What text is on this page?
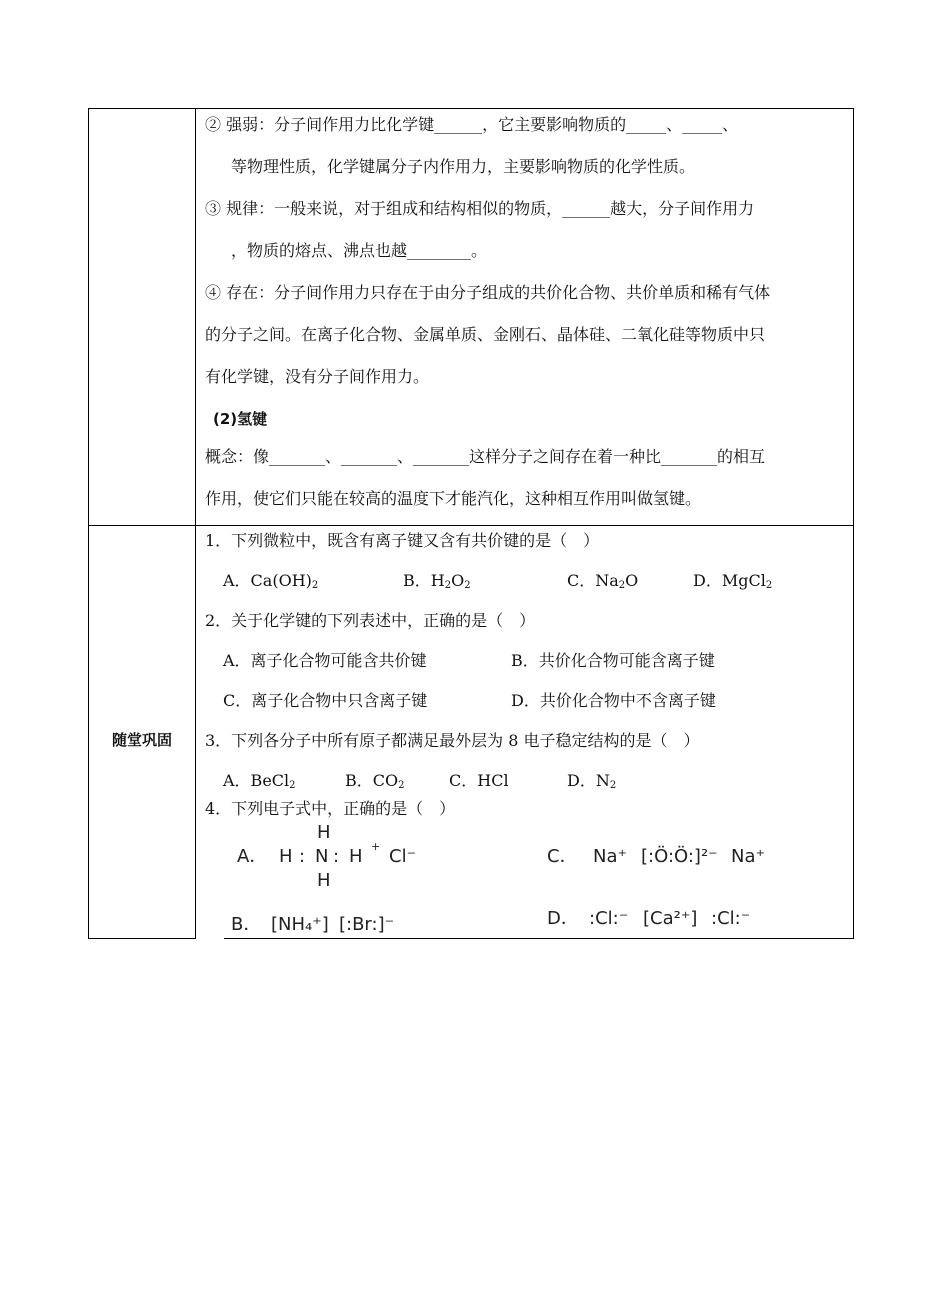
② 强弱：分子间作用力比化学键______，它主要影响物质的_____、_____、
等物理性质，化学键属分子内作用力，主要影响物质的化学性质。
③ 规律：一般来说，对于组成和结构相似的物质，______越大，分子间作用力
，物质的熔点、沸点也越________。
④ 存在：分子间作用力只存在于由分子组成的共价化合物、共价单质和稀有气体
的分子之间。在离子化合物、金属单质、金刚石、晶体硅、二氧化硅等物质中只
有化学键，没有分子间作用力。
(2)氢键
概念：像_______、_______、_______这样分子之间存在着一种比_______的相互
作用，使它们只能在较高的温度下才能汽化，这种相互作用叫做氢键。
随堂巩固
1．下列微粒中，既含有离子键又含有共价键的是（　）
A．$Ca(OH)_2$	B．$H_2O_2$	C．$Na_2O$	D．MgCl$_2$
2．关于化学键的下列表述中，正确的是（　）
A．离子化合物可能含共价键	B．共价化合物可能含离子键
C．离子化合物中只含离子键	D．共价化合物中不含离子键
3．下列各分子中所有原子都满足最外层为 8 电子稳定结构的是（　）
A．BeCl$_2$	B．$CO_2$	C．HCl	D．$N_2$
4．下列电子式中，正确的是（　）
A．
H
H : N : H
H
+ Cl⁻	C． Na⁺ [:Ö:Ö:]²⁻ Na⁺
B． [NH₄⁺] [:Br:]⁻	D． :Cl:⁻ [Ca²⁺] :Cl:⁻
